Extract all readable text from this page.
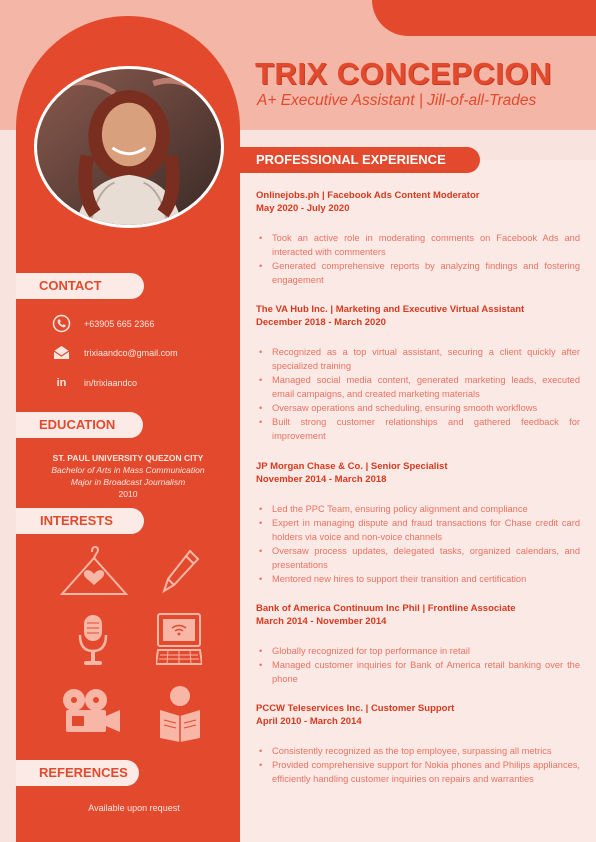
TRIX CONCEPCION
A+ Executive Assistant | Jill-of-all-Trades
CONTACT
+63905 665 2366
trixiaandco@gmail.com
in	in/trixiaandco
EDUCATION
ST. PAUL UNIVERSITY QUEZON CITY
Bachelor of Arts in Mass Communication
Major in Broadcast Journalism
2010
INTERESTS
REFERENCES
Available upon request
PROFESSIONAL EXPERIENCE
Onlinejobs.ph | Facebook Ads Content Moderator
May 2020 - July 2020
• Took an active role in moderating comments on Facebook Ads and interacted with commenters
• Generated comprehensive reports by analyzing findings and fostering engagement
The VA Hub Inc. | Marketing and Executive Virtual Assistant
December 2018 - March 2020
• Recognized as a top virtual assistant, securing a client quickly after specialized training
• Managed social media content, generated marketing leads, executed email campaigns, and created marketing materials
• Oversaw operations and scheduling, ensuring smooth workflows
• Built strong customer relationships and gathered feedback for improvement
JP Morgan Chase & Co. | Senior Specialist
November 2014 - March 2018
• Led the PPC Team, ensuring policy alignment and compliance
• Expert in managing dispute and fraud transactions for Chase credit card holders via voice and non-voice channels
• Oversaw process updates, delegated tasks, organized calendars, and presentations
• Mentored new hires to support their transition and certification
Bank of America Continuum Inc Phil | Frontline Associate
March 2014 - November 2014
• Globally recognized for top performance in retail
• Managed customer inquiries for Bank of America retail banking over the phone
PCCW Teleservices Inc. | Customer Support
April 2010 - March 2014
• Consistently recognized as the top employee, surpassing all metrics
• Provided comprehensive support for Nokia phones and Philips appliances, efficiently handling customer inquiries on repairs and warranties
